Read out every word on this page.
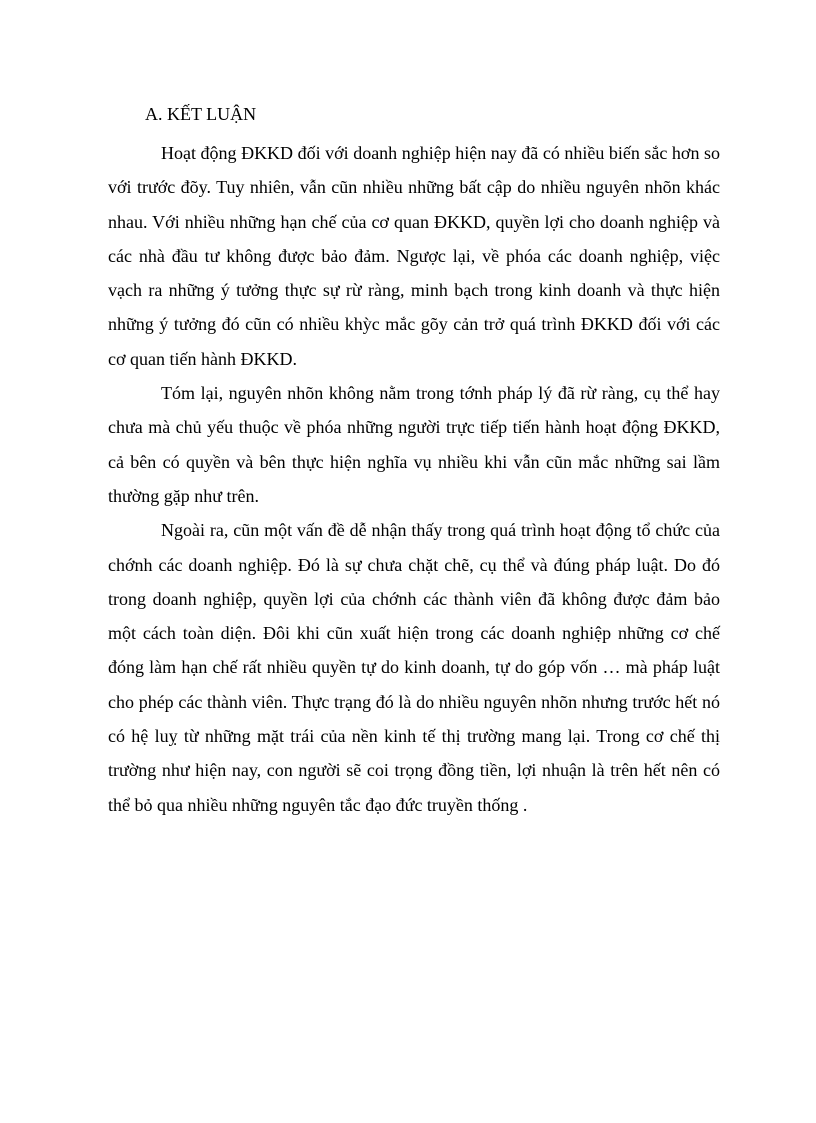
A. KẾT LUẬN

Hoạt động ĐKKD đối với doanh nghiệp hiện nay đã có nhiều biến sắc hơn so với trước đõy. Tuy nhiên, vẫn cũn nhiều những bất cập do nhiều nguyên nhõn khác nhau. Với nhiều những hạn chế của cơ quan ĐKKD, quyền lợi cho doanh nghiệp và các nhà đầu tư không được bảo đảm. Ngược lại, về phóa các doanh nghiệp, việc vạch ra những ý tưởng thực sự rừ ràng, minh bạch trong kinh doanh và thực hiện những ý tưởng đó cũn có nhiều khỳc mắc gõy cản trở quá trình ĐKKD đối với các cơ quan tiến hành ĐKKD.

Tóm lại, nguyên nhõn không nằm trong tớnh pháp lý đã rừ ràng, cụ thể hay chưa mà chủ yếu thuộc về phóa những người trực tiếp tiến hành hoạt động ĐKKD, cả bên có quyền và bên thực hiện nghĩa vụ nhiều khi vẫn cũn mắc những sai lầm thường gặp như trên.

Ngoài ra, cũn một vấn đề dễ nhận thấy trong quá trình hoạt động tổ chức của chớnh các doanh nghiệp. Đó là sự chưa chặt chẽ, cụ thể và đúng pháp luật. Do đó trong doanh nghiệp, quyền lợi của chớnh các thành viên đã không được đảm bảo một cách toàn diện. Đôi khi cũn xuất hiện trong các doanh nghiệp những cơ chế đóng làm hạn chế rất nhiều quyền tự do kinh doanh, tự do góp vốn … mà pháp luật cho phép các thành viên. Thực trạng đó là do nhiều nguyên nhõn nhưng trước hết nó có hệ luỵ từ những mặt trái của nền kinh tế thị trường mang lại. Trong cơ chế thị trường như hiện nay, con người sẽ coi trọng đồng tiền, lợi nhuận là trên hết nên có thể bỏ qua nhiều những nguyên tắc đạo đức truyền thống .
